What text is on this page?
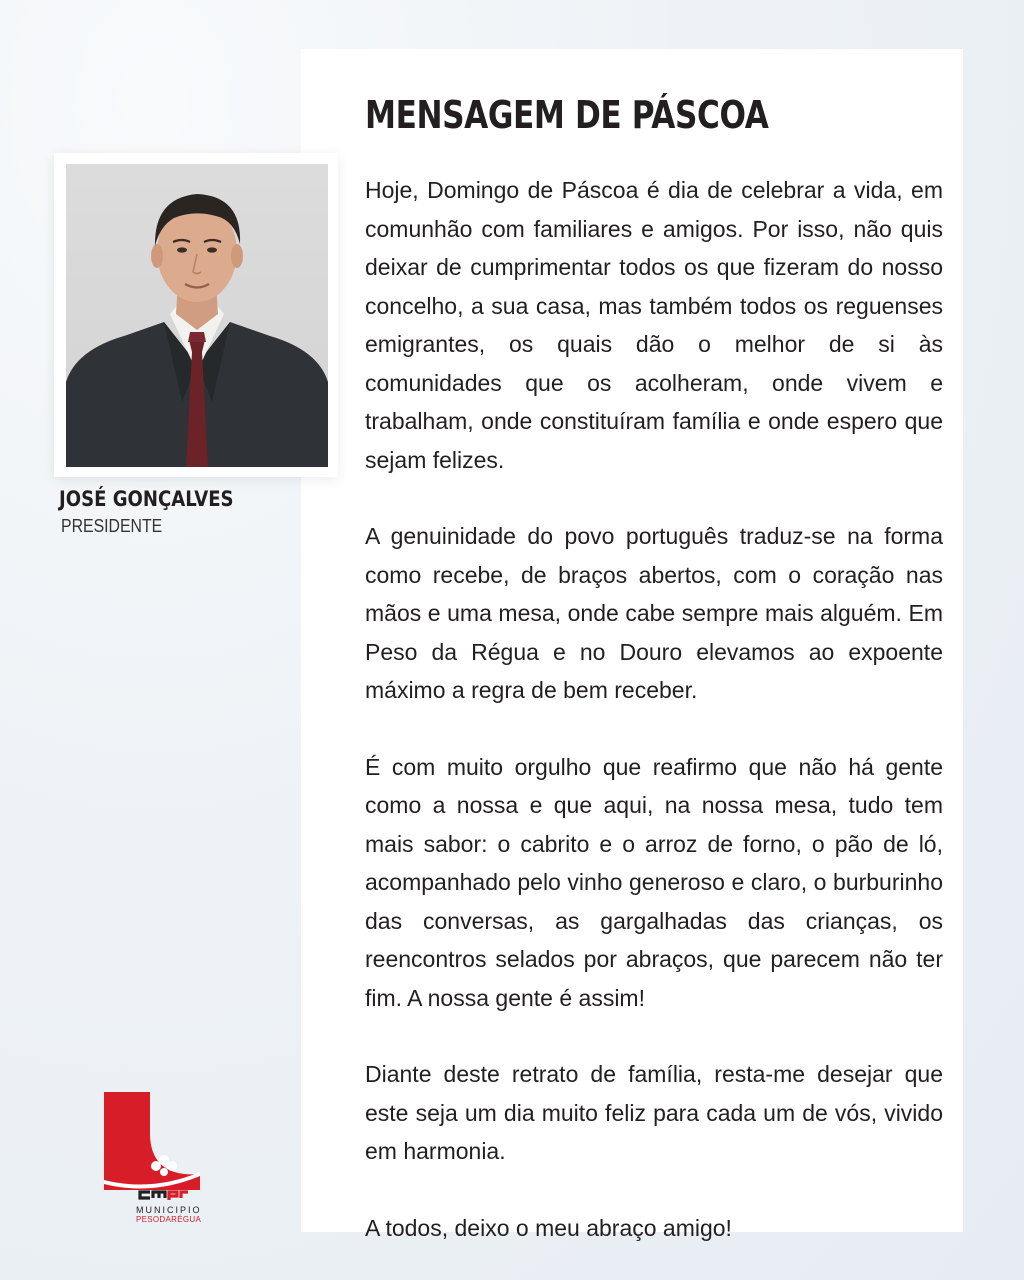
MENSAGEM DE PÁSCOA

Hoje, Domingo de Páscoa é dia de celebrar a vida, em comunhão com familiares e amigos. Por isso, não quis deixar de cumprimentar todos os que fizeram do nosso concelho, a sua casa, mas também todos os reguenses emigrantes, os quais dão o melhor de si às comunidades que os acolheram, onde vivem e trabalham, onde constituíram família e onde espero que sejam felizes.

A genuinidade do povo português traduz-se na forma como recebe, de braços abertos, com o coração nas mãos e uma mesa, onde cabe sempre mais alguém. Em Peso da Régua e no Douro elevamos ao expoente máximo a regra de bem receber.

É com muito orgulho que reafirmo que não há gente como a nossa e que aqui, na nossa mesa, tudo tem mais sabor: o cabrito e o arroz de forno, o pão de ló, acompanhado pelo vinho generoso e claro, o burburinho das conversas, as gargalhadas das crianças, os reencontros selados por abraços, que parecem não ter fim. A nossa gente é assim!

Diante deste retrato de família, resta-me desejar que este seja um dia muito feliz para cada um de vós, vivido em harmonia.

A todos, deixo o meu abraço amigo!

JOSÉ GONÇALVES

PRESIDENTE

MUNICIPIO
PESODARÉGUA
